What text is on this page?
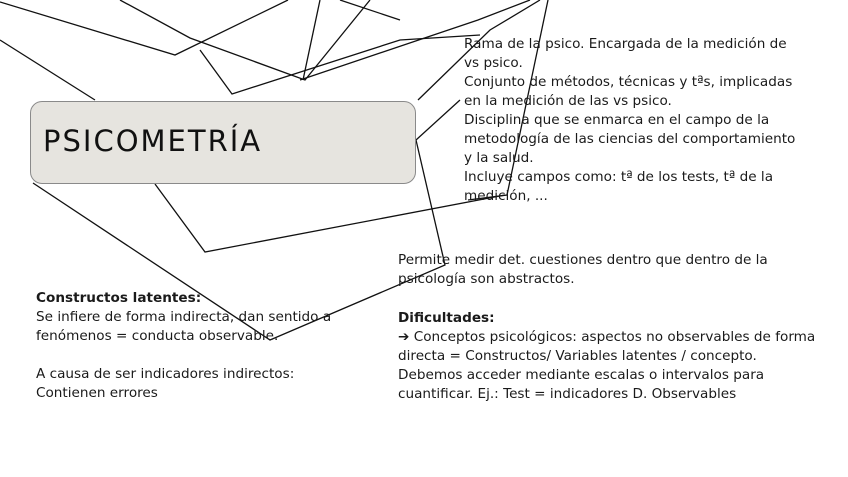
PSICOMETRÍA
Rama de la psico. Encargada de la medición de
vs psico.
Conjunto de métodos, técnicas y tªs, implicadas
en la medición de las vs psico.
Disciplina que se enmarca en el campo de la
metodología de las ciencias del comportamiento
y la salud.
Incluye campos como: tª de los tests, tª de la
medición, ...
Permite medir det. cuestiones dentro que dentro de la
psicología son abstractos.
Constructos latentes:
Se infiere de forma indirecta, dan sentido a
fenómenos = conducta observable.
A causa de ser indicadores indirectos:
Contienen errores
Dificultades:
➔ Conceptos psicológicos: aspectos no observables de forma
directa = Constructos/ Variables latentes / concepto.
Debemos acceder mediante escalas o intervalos para
cuantificar. Ej.: Test = indicadores D. Observables
